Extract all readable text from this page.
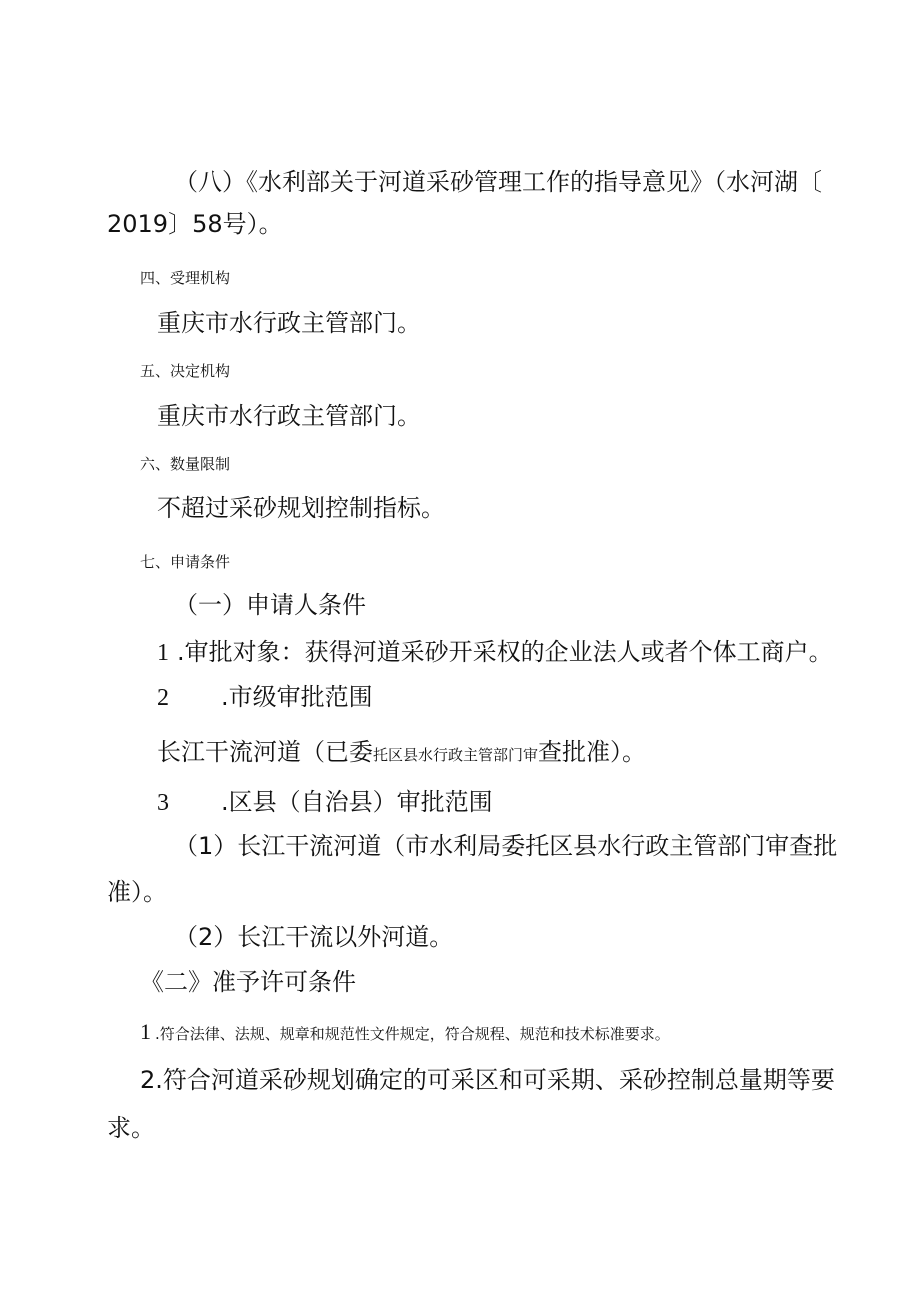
（八）《水利部关于河道采砂管理工作的指导意见》（水河湖〔
2019〕58号）。
四、受理机构
重庆市水行政主管部门。
五、决定机构
重庆市水行政主管部门。
六、数量限制
不超过采砂规划控制指标。
七、申请条件
（一）申请人条件
1 .审批对象：获得河道采砂开采权的企业法人或者个体工商户。
2 .市级审批范围
长江干流河道（已委托区县水行政主管部门审查批准）。
3 .区县（自治县）审批范围
（1）长江干流河道（市水利局委托区县水行政主管部门审查批
准）。
（2）长江干流以外河道。
《二》准予许可条件
1 .符合法律、法规、规章和规范性文件规定，符合规程、规范和技术标准要求。
2.符合河道采砂规划确定的可采区和可采期、采砂控制总量期等要
求。
